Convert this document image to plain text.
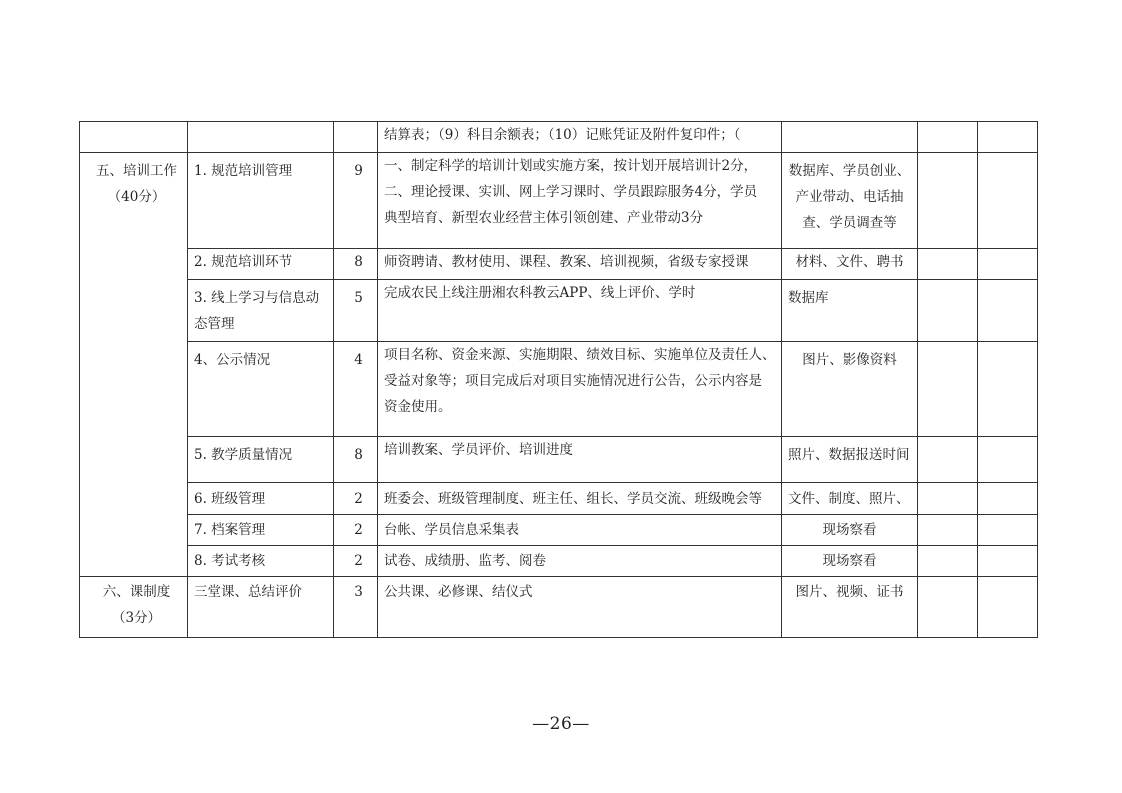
			结算表；（9）科目余额表；（10）记账凭证及附件复印件；（			

五、培训工作
（40分）	1. 规范培训管理	9	一、制定科学的培训计划或实施方案，按计划开展培训计2分，
二、理论授课、实训、网上学习课时、学员跟踪服务4分，学员
典型培育、新型农业经营主体引领创建、产业带动3分	数据库、学员创业、
产业带动、电话抽
查、学员调查等		

	2. 规范培训环节	8	师资聘请、教材使用、课程、教案、培训视频，省级专家授课	材料、文件、聘书		

	3. 线上学习与信息动
态管理	5	完成农民上线注册湘农科教云APP、线上评价、学时	数据库		
	4、公示情况	4	项目名称、资金来源、实施期限、绩效目标、实施单位及责任人、
受益对象等；项目完成后对项目实施情况进行公告，公示内容是
资金使用。	图片、影像资料		
	5. 教学质量情况	8	培训教案、学员评价、培训进度	照片、数据报送时间		
	6. 班级管理	2	班委会、班级管理制度、班主任、组长、学员交流、班级晚会等	文件、制度、照片、		
	7. 档案管理	2	台帐、学员信息采集表	现场察看		
	8. 考试考核	2	试卷、成绩册、监考、阅卷	现场察看		

六、课制度
（3分）	三堂课、总结评价	3	公共课、必修课、结仪式	图片、视频、证书		
—26—
